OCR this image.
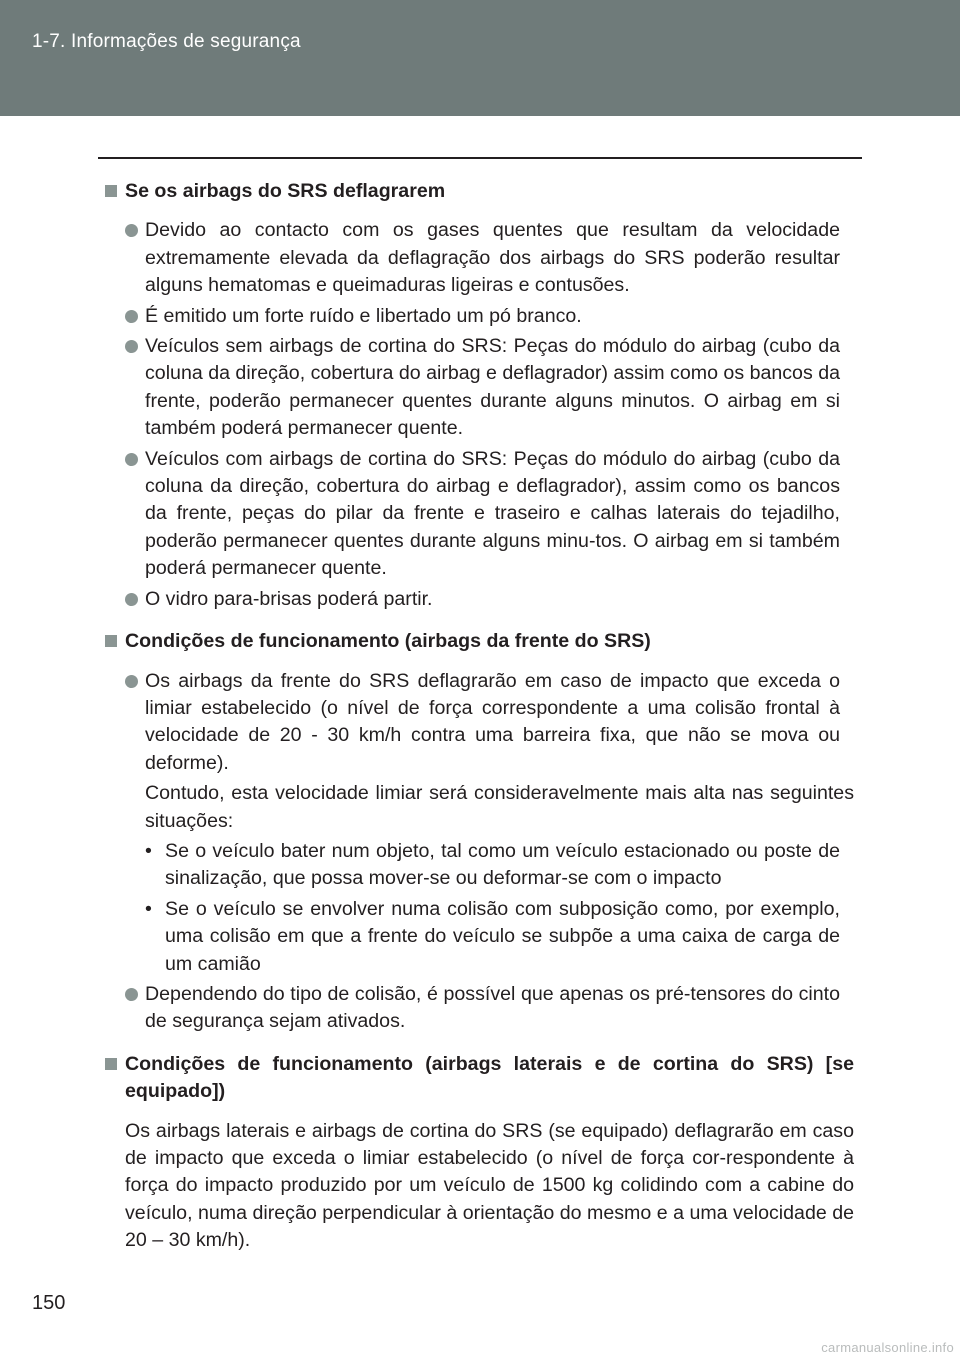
1-7. Informações de segurança
Se os airbags do SRS deflagrarem
Devido ao contacto com os gases quentes que resultam da velocidade extremamente elevada da deflagração dos airbags do SRS poderão resultar alguns hematomas e queimaduras ligeiras e contusões.
É emitido um forte ruído e libertado um pó branco.
Veículos sem airbags de cortina do SRS: Peças do módulo do airbag (cubo da coluna da direção, cobertura do airbag e deflagrador) assim como os bancos da frente, poderão permanecer quentes durante alguns minutos. O airbag em si também poderá permanecer quente.
Veículos com airbags de cortina do SRS: Peças do módulo do airbag (cubo da coluna da direção, cobertura do airbag e deflagrador), assim como os bancos da frente, peças do pilar da frente e traseiro e calhas laterais do tejadilho, poderão permanecer quentes durante alguns minu-tos. O airbag em si também poderá permanecer quente.
O vidro para-brisas poderá partir.
Condições de funcionamento (airbags da frente do SRS)
Os airbags da frente do SRS deflagrarão em caso de impacto que exceda o limiar estabelecido (o nível de força correspondente a uma colisão frontal à velocidade de 20 - 30 km/h contra uma barreira fixa, que não se mova ou deforme).
Contudo, esta velocidade limiar será consideravelmente mais alta nas seguintes situações:
• Se o veículo bater num objeto, tal como um veículo estacionado ou poste de sinalização, que possa mover-se ou deformar-se com o impacto
• Se o veículo se envolver numa colisão com subposição como, por exemplo, uma colisão em que a frente do veículo se subpõe a uma caixa de carga de um camião
Dependendo do tipo de colisão, é possível que apenas os pré-tensores do cinto de segurança sejam ativados.
Condições de funcionamento (airbags laterais e de cortina do SRS) [se equipado])
Os airbags laterais e airbags de cortina do SRS (se equipado) deflagrarão em caso de impacto que exceda o limiar estabelecido (o nível de força cor-respondente à força do impacto produzido por um veículo de 1500 kg colidindo com a cabine do veículo, numa direção perpendicular à orientação do mesmo e a uma velocidade de 20 – 30 km/h).
150
carmanualsonline.info
